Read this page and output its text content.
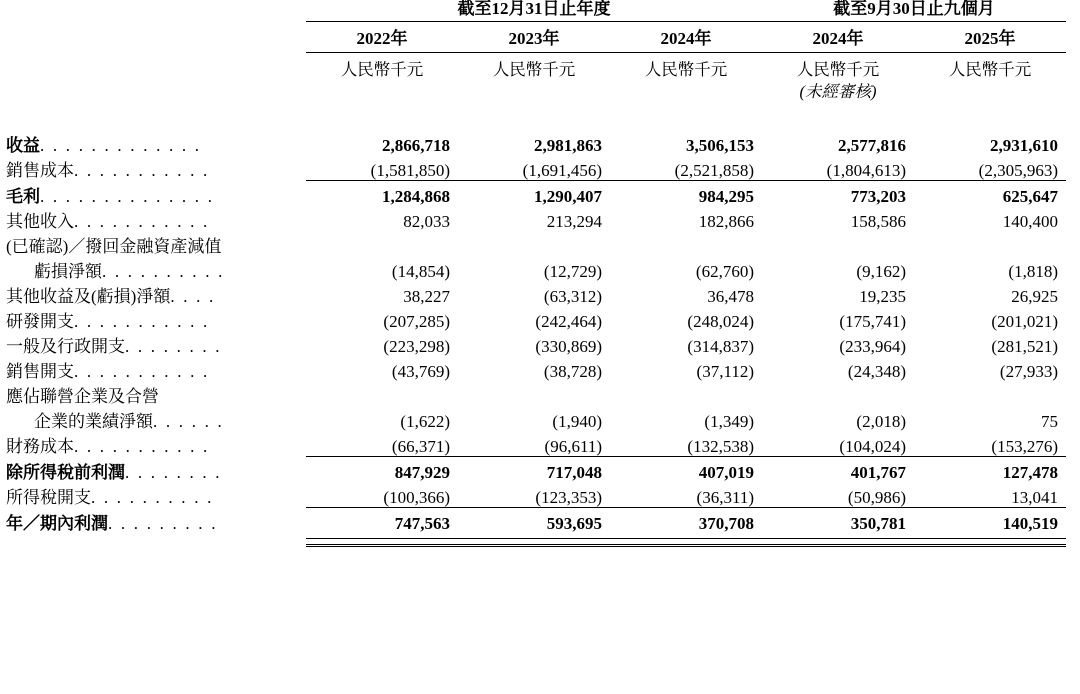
	截至12月31日止年度			截至9月30日止九個月	

	2022年	2023年	2024年	2024年	2025年

	人民幣千元	人民幣千元	人民幣千元	人民幣千元	人民幣千元
				(未經審核)	

收益. . . . . . . . . . . . .	2,866,718	2,981,863	3,506,153	2,577,816	2,931,610
銷售成本. . . . . . . . . . .	(1,581,850)	(1,691,456)	(2,521,858)	(1,804,613)	(2,305,963)

毛利. . . . . . . . . . . . . .	1,284,868	1,290,407	984,295	773,203	625,647
其他收入. . . . . . . . . . .	82,033	213,294	182,866	158,586	140,400
(已確認)／撥回金融資產減值					
虧損淨額. . . . . . . . . .	(14,854)	(12,729)	(62,760)	(9,162)	(1,818)
其他收益及(虧損)淨額. . . .	38,227	(63,312)	36,478	19,235	26,925
研發開支. . . . . . . . . . .	(207,285)	(242,464)	(248,024)	(175,741)	(201,021)
一般及行政開支. . . . . . . .	(223,298)	(330,869)	(314,837)	(233,964)	(281,521)
銷售開支. . . . . . . . . . .	(43,769)	(38,728)	(37,112)	(24,348)	(27,933)
應佔聯營企業及合營					
企業的業績淨額. . . . . .	(1,622)	(1,940)	(1,349)	(2,018)	75
財務成本. . . . . . . . . . .	(66,371)	(96,611)	(132,538)	(104,024)	(153,276)

除所得稅前利潤. . . . . . . .	847,929	717,048	407,019	401,767	127,478
所得稅開支. . . . . . . . . .	(100,366)	(123,353)	(36,311)	(50,986)	13,041

年／期內利潤. . . . . . . . .	747,563	593,695	370,708	350,781	140,519
